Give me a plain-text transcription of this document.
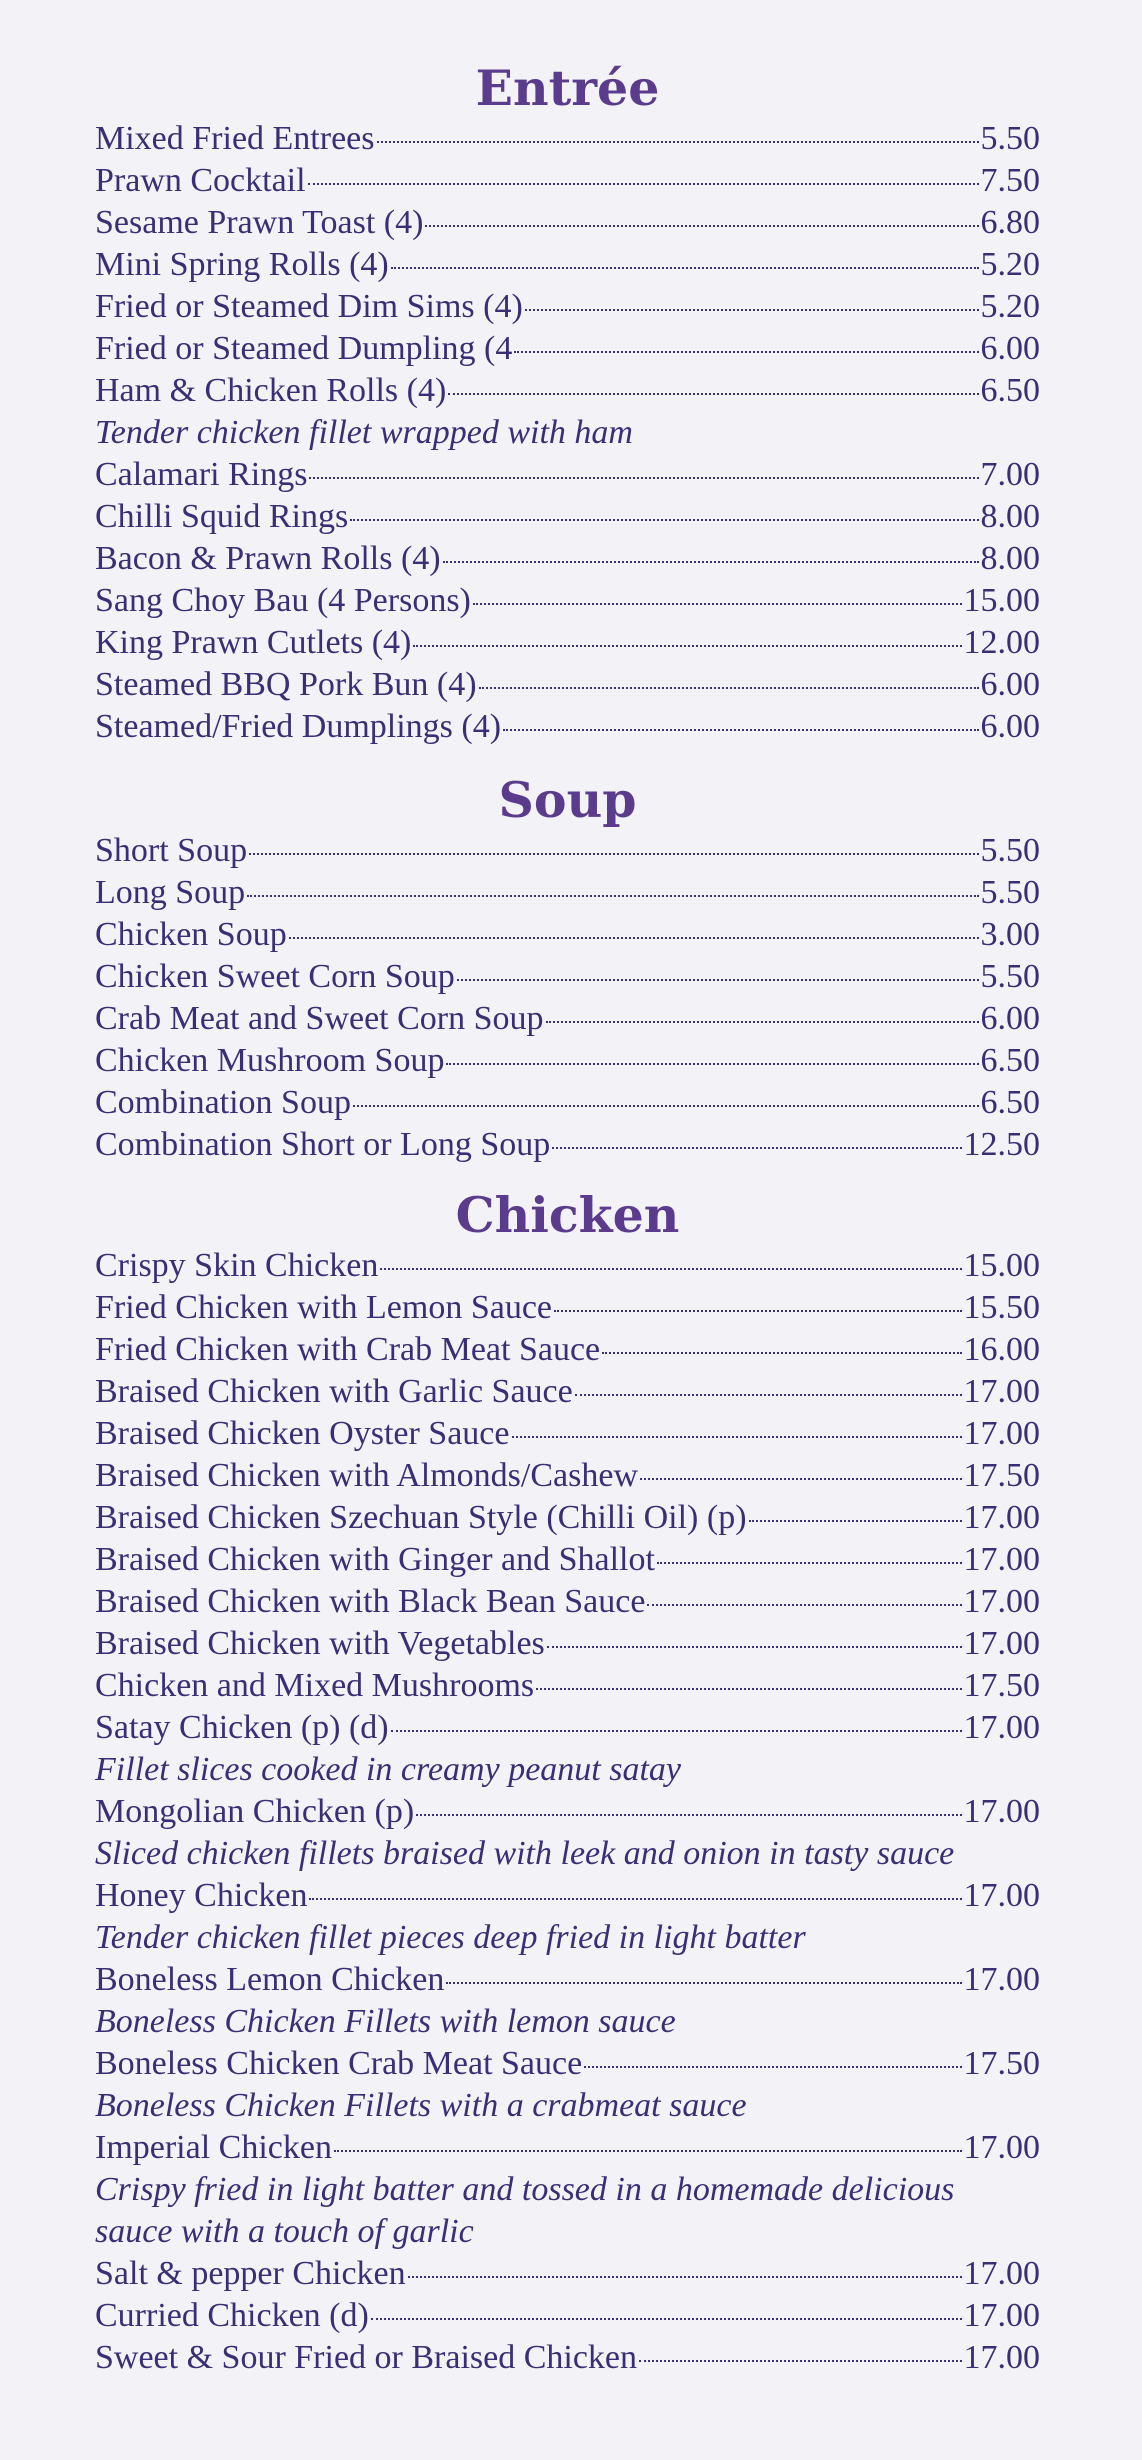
Entrée
Mixed Fried Entrees	5.50
Prawn Cocktail	7.50
Sesame Prawn Toast (4)	6.80
Mini Spring Rolls (4)	5.20
Fried or Steamed Dim Sims (4)	5.20
Fried or Steamed Dumpling (4	6.00
Ham & Chicken Rolls (4)	6.50
Tender chicken fillet wrapped with ham
Calamari Rings	7.00
Chilli Squid Rings	8.00
Bacon & Prawn Rolls (4)	8.00
Sang Choy Bau (4 Persons)	15.00
King Prawn Cutlets (4)	12.00
Steamed BBQ Pork Bun (4)	6.00
Steamed/Fried Dumplings (4)	6.00
Soup
Short Soup	5.50
Long Soup	5.50
Chicken Soup	3.00
Chicken Sweet Corn Soup	5.50
Crab Meat and Sweet Corn Soup	6.00
Chicken Mushroom Soup	6.50
Combination Soup	6.50
Combination Short or Long Soup	12.50
Chicken
Crispy Skin Chicken	15.00
Fried Chicken with Lemon Sauce	15.50
Fried Chicken with Crab Meat Sauce	16.00
Braised Chicken with Garlic Sauce	17.00
Braised Chicken Oyster Sauce	17.00
Braised Chicken with Almonds/Cashew	17.50
Braised Chicken Szechuan Style (Chilli Oil) (p)	17.00
Braised Chicken with Ginger and Shallot	17.00
Braised Chicken with Black Bean Sauce	17.00
Braised Chicken with Vegetables	17.00
Chicken and Mixed Mushrooms	17.50
Satay Chicken (p) (d)	17.00
Fillet slices cooked in creamy peanut satay
Mongolian Chicken (p)	17.00
Sliced chicken fillets braised with leek and onion in tasty sauce
Honey Chicken	17.00
Tender chicken fillet pieces deep fried in light batter
Boneless Lemon Chicken	17.00
Boneless Chicken Fillets with lemon sauce
Boneless Chicken Crab Meat Sauce	17.50
Boneless Chicken Fillets with a crabmeat sauce
Imperial Chicken	17.00
Crispy fried in light batter and tossed in a homemade delicious
sauce with a touch of garlic
Salt & pepper Chicken	17.00
Curried Chicken (d)	17.00
Sweet & Sour Fried or Braised Chicken	17.00
